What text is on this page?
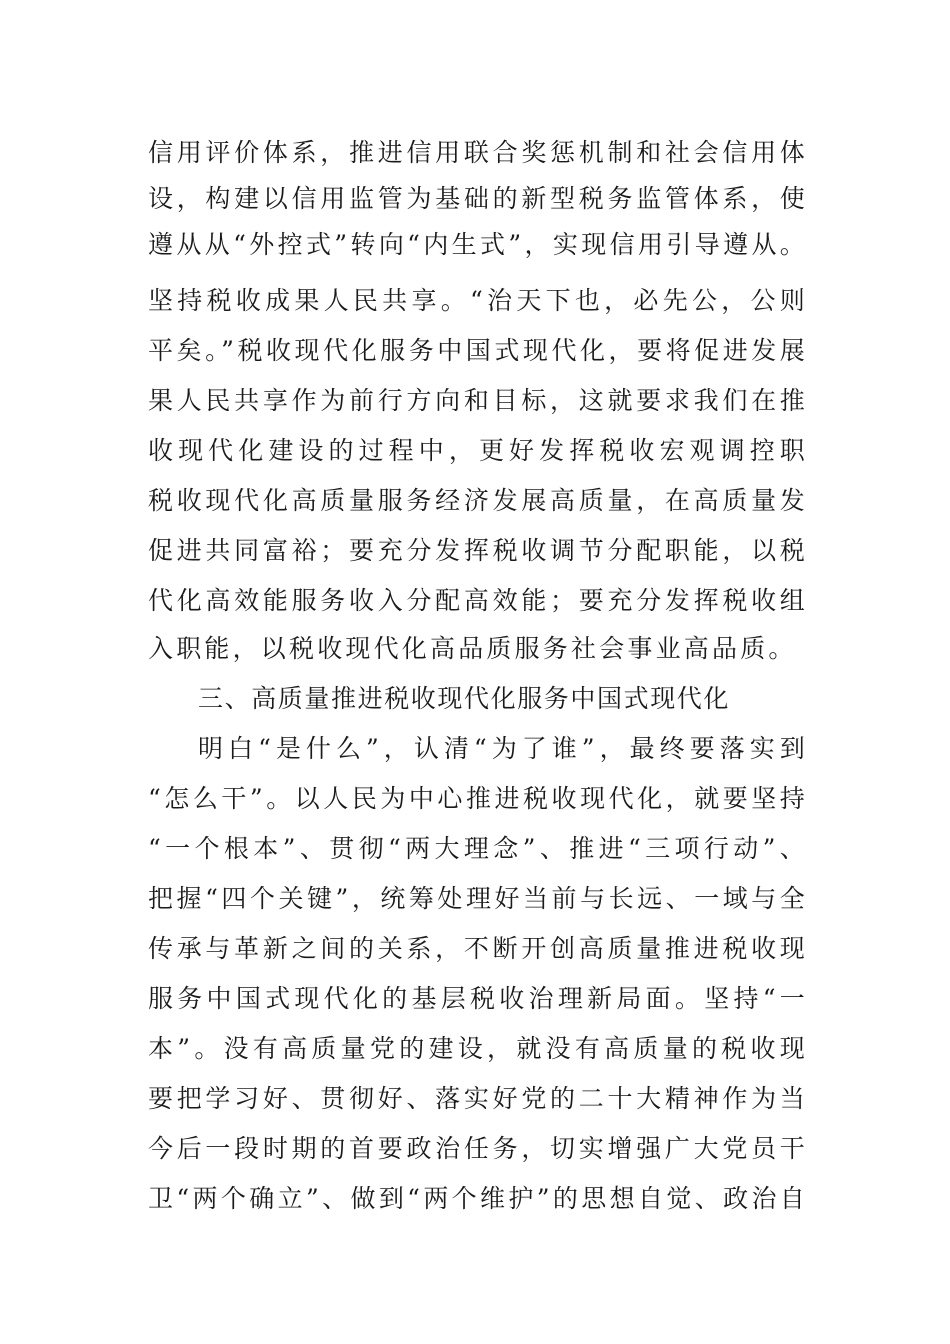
信用评价体系，推进信用联合奖惩机制和社会信用体
设，构建以信用监管为基础的新型税务监管体系，使
遵从从“外控式”转向“内生式”，实现信用引导遵从。
坚持税收成果人民共享。“治天下也，必先公，公则
平矣。”税收现代化服务中国式现代化，要将促进发展
果人民共享作为前行方向和目标，这就要求我们在推
收现代化建设的过程中，更好发挥税收宏观调控职
税收现代化高质量服务经济发展高质量，在高质量发
促进共同富裕；要充分发挥税收调节分配职能，以税
代化高效能服务收入分配高效能；要充分发挥税收组
入职能，以税收现代化高品质服务社会事业高品质。
三、高质量推进税收现代化服务中国式现代化
明白“是什么”，认清“为了谁”，最终要落实到
“怎么干”。以人民为中心推进税收现代化，就要坚持
“一个根本”、贯彻“两大理念”、推进“三项行动”、
把握“四个关键”，统筹处理好当前与长远、一域与全
传承与革新之间的关系，不断开创高质量推进税收现
服务中国式现代化的基层税收治理新局面。坚持“一
本”。没有高质量党的建设，就没有高质量的税收现
要把学习好、贯彻好、落实好党的二十大精神作为当
今后一段时期的首要政治任务，切实增强广大党员干
卫“两个确立”、做到“两个维护”的思想自觉、政治自
